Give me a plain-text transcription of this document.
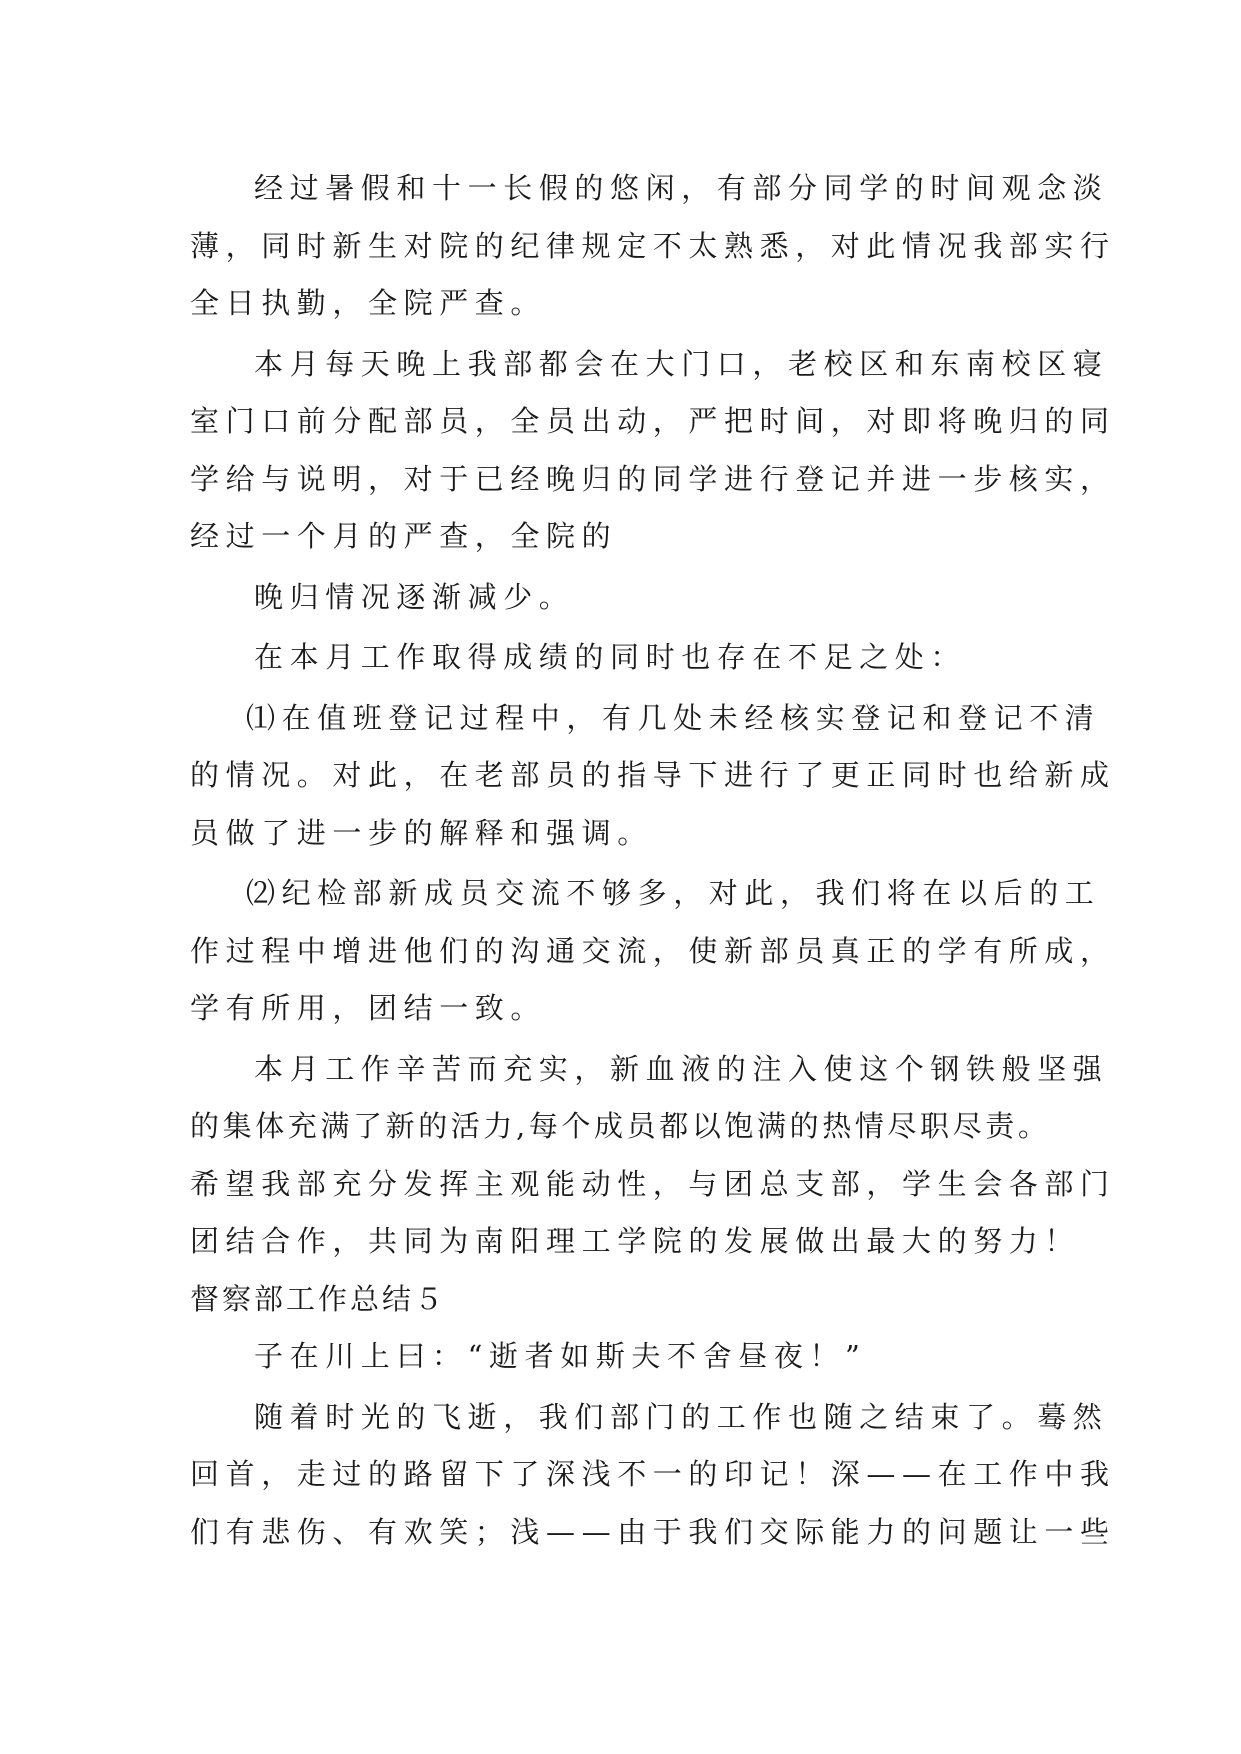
经过暑假和十一长假的悠闲，有部分同学的时间观念淡
薄，同时新生对院的纪律规定不太熟悉，对此情况我部实行
全日执勤，全院严查。
本月每天晚上我部都会在大门口，老校区和东南校区寝
室门口前分配部员，全员出动，严把时间，对即将晚归的同
学给与说明，对于已经晚归的同学进行登记并进一步核实，
经过一个月的严查，全院的
晚归情况逐渐减少。
在本月工作取得成绩的同时也存在不足之处：
⑴在值班登记过程中，有几处未经核实登记和登记不清
的情况。对此，在老部员的指导下进行了更正同时也给新成
员做了进一步的解释和强调。
⑵纪检部新成员交流不够多，对此，我们将在以后的工
作过程中增进他们的沟通交流，使新部员真正的学有所成，
学有所用，团结一致。
本月工作辛苦而充实，新血液的注入使这个钢铁般坚强
的集体充满了新的活力,每个成员都以饱满的热情尽职尽责。
希望我部充分发挥主观能动性，与团总支部，学生会各部门
团结合作，共同为南阳理工学院的发展做出最大的努力！
督察部工作总结５
子在川上曰：“逝者如斯夫不舍昼夜！”
随着时光的飞逝，我们部门的工作也随之结束了。蓦然
回首，走过的路留下了深浅不一的印记！深——在工作中我
们有悲伤、有欢笑；浅——由于我们交际能力的问题让一些
